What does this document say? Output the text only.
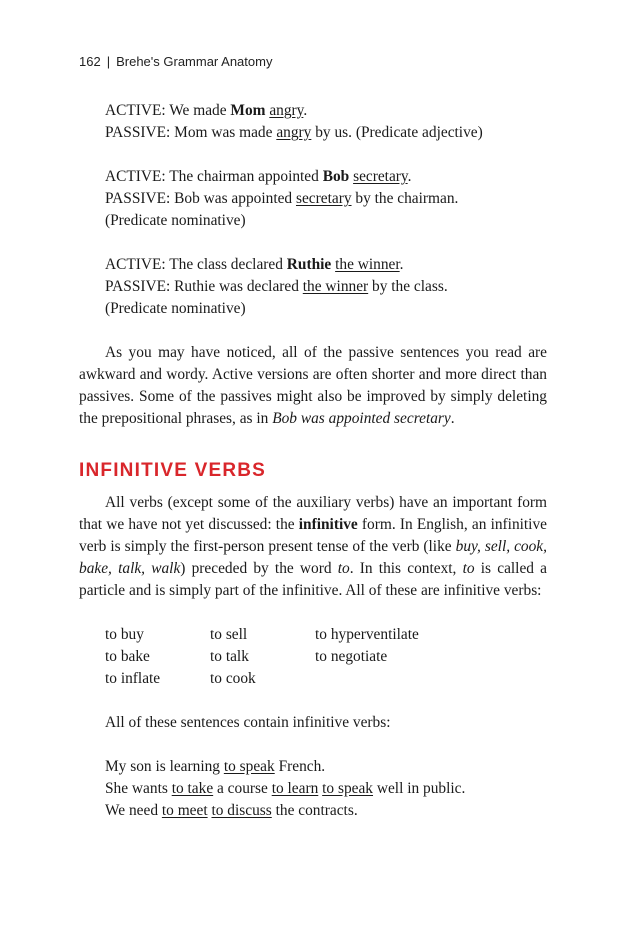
162 | Brehe's Grammar Anatomy
ACTIVE: We made Mom angry.
PASSIVE: Mom was made angry by us. (Predicate adjective)
ACTIVE: The chairman appointed Bob secretary.
PASSIVE: Bob was appointed secretary by the chairman.
(Predicate nominative)
ACTIVE: The class declared Ruthie the winner.
PASSIVE: Ruthie was declared the winner by the class.
(Predicate nominative)

As you may have noticed, all of the passive sentences you read are awkward and wordy. Active versions are often shorter and more direct than passives. Some of the passives might also be improved by simply deleting the prepositional phrases, as in Bob was appointed secretary.

INFINITIVE VERBS

All verbs (except some of the auxiliary verbs) have an important form that we have not yet discussed: the infinitive form. In English, an infinitive verb is simply the first-person present tense of the verb (like buy, sell, cook, bake, talk, walk) preceded by the word to. In this context, to is called a particle and is simply part of the infinitive. All of these are infinitive verbs:

to buy	to sell	to hyperventilate
to bake	to talk	to negotiate
to inflate	to cook
All of these sentences contain infinitive verbs:
My son is learning to speak French.
She wants to take a course to learn to speak well in public.
We need to meet to discuss the contracts.
